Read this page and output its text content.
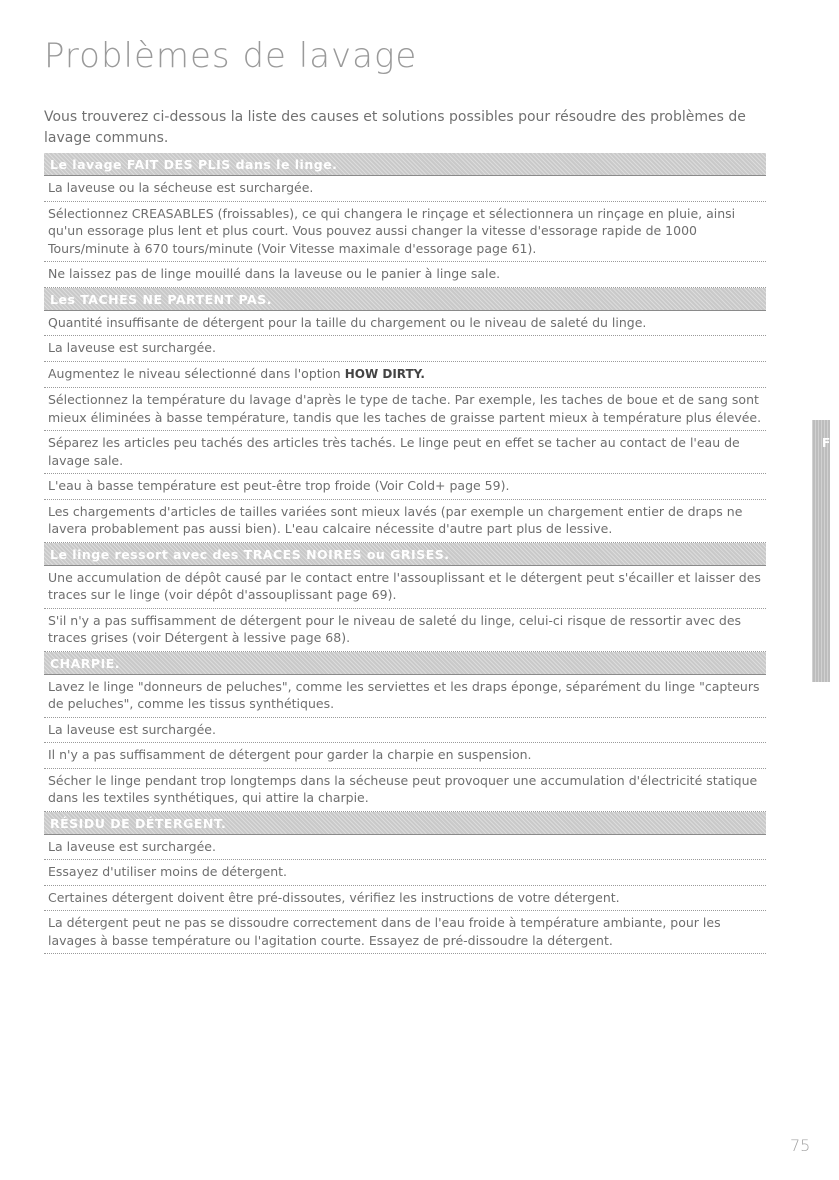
Problèmes de lavage
Vous trouverez ci-dessous la liste des causes et solutions possibles pour résoudre des problèmes de lavage communs.
Le lavage FAIT DES PLIS dans le linge.
La laveuse ou la sécheuse est surchargée.
Sélectionnez CREASABLES (froissables), ce qui changera le rinçage et sélectionnera un rinçage en pluie, ainsi qu'un essorage plus lent et plus court. Vous pouvez aussi changer la vitesse d'essorage rapide de 1000 Tours/minute à 670 tours/minute (Voir Vitesse maximale d'essorage page 61).
Ne laissez pas de linge mouillé dans la laveuse ou le panier à linge sale.
Les TACHES NE PARTENT PAS.
Quantité insuffisante de détergent pour la taille du chargement ou le niveau de saleté du linge.
La laveuse est surchargée.
Augmentez le niveau sélectionné dans l'option HOW DIRTY.
Sélectionnez la température du lavage d'après le type de tache. Par exemple, les taches de boue et de sang sont mieux éliminées à basse température, tandis que les taches de graisse partent mieux à température plus élevée.
Séparez les articles peu tachés des articles très tachés. Le linge peut en effet se tacher au contact de l'eau de lavage sale.
L'eau à basse température est peut-être trop froide (Voir Cold+ page 59).
Les chargements d'articles de tailles variées sont mieux lavés (par exemple un chargement entier de draps ne lavera probablement pas aussi bien). L'eau calcaire nécessite d'autre part plus de lessive.
Le linge ressort avec des TRACES NOIRES ou GRISES.
Une accumulation de dépôt causé par le contact entre l'assouplissant et le détergent peut s'écailler et laisser des traces sur le linge (voir dépôt d'assouplissant page 69).
S'il n'y a pas suffisamment de détergent pour le niveau de saleté du linge, celui-ci risque de ressortir avec des traces grises (voir Détergent à lessive page 68).
CHARPIE.
Lavez le linge "donneurs de peluches", comme les serviettes et les draps éponge, séparément du linge "capteurs de peluches", comme les tissus synthétiques.
La laveuse est surchargée.
Il n'y a pas suffisamment de détergent pour garder la charpie en suspension.
Sécher le linge pendant trop longtemps dans la sécheuse peut provoquer une accumulation d'électricité statique dans les textiles synthétiques, qui attire la charpie.
RÉSIDU DE DÉTERGENT.
La laveuse est surchargée.
Essayez d'utiliser moins de détergent.
Certaines détergent doivent être pré-dissoutes, vérifiez les instructions de votre détergent.
La détergent peut ne pas se dissoudre correctement dans de l'eau froide à température ambiante, pour les lavages à basse température ou l'agitation courte. Essayez de pré-dissoudre la détergent.
FR
75
